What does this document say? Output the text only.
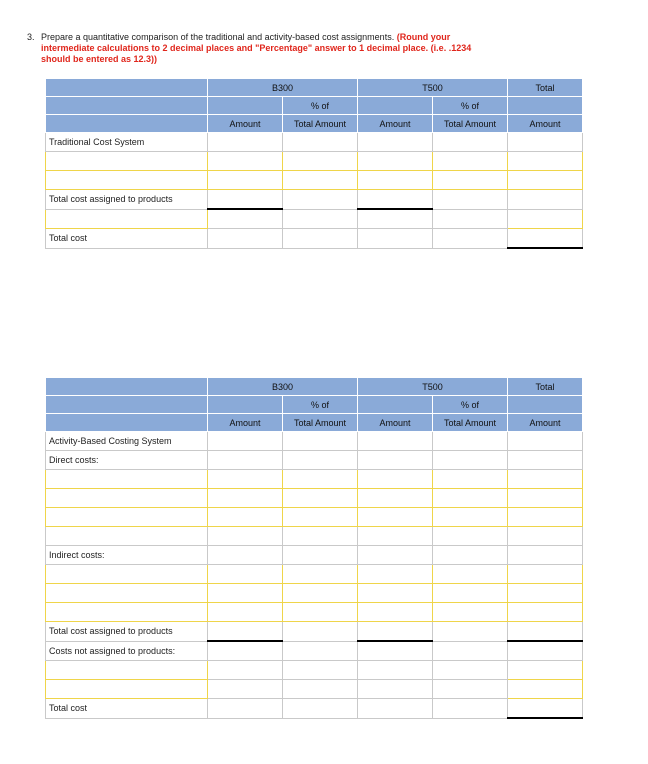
3. Prepare a quantitative comparison of the traditional and activity-based cost assignments. (Round your intermediate calculations to 2 decimal places and "Percentage" answer to 1 decimal place. (i.e. .1234 should be entered as 12.3))
	B300		T500		Total
		% of		% of	
	Amount	Total Amount	Amount	Total Amount	Amount
Traditional Cost System					

Total cost assigned to products					

Total cost					
	B300		T500		Total
		% of		% of	
	Amount	Total Amount	Amount	Total Amount	Amount
Activity-Based Costing System					
Direct costs:					

Indirect costs:					

Total cost assigned to products					
Costs not assigned to products:					

Total cost					
